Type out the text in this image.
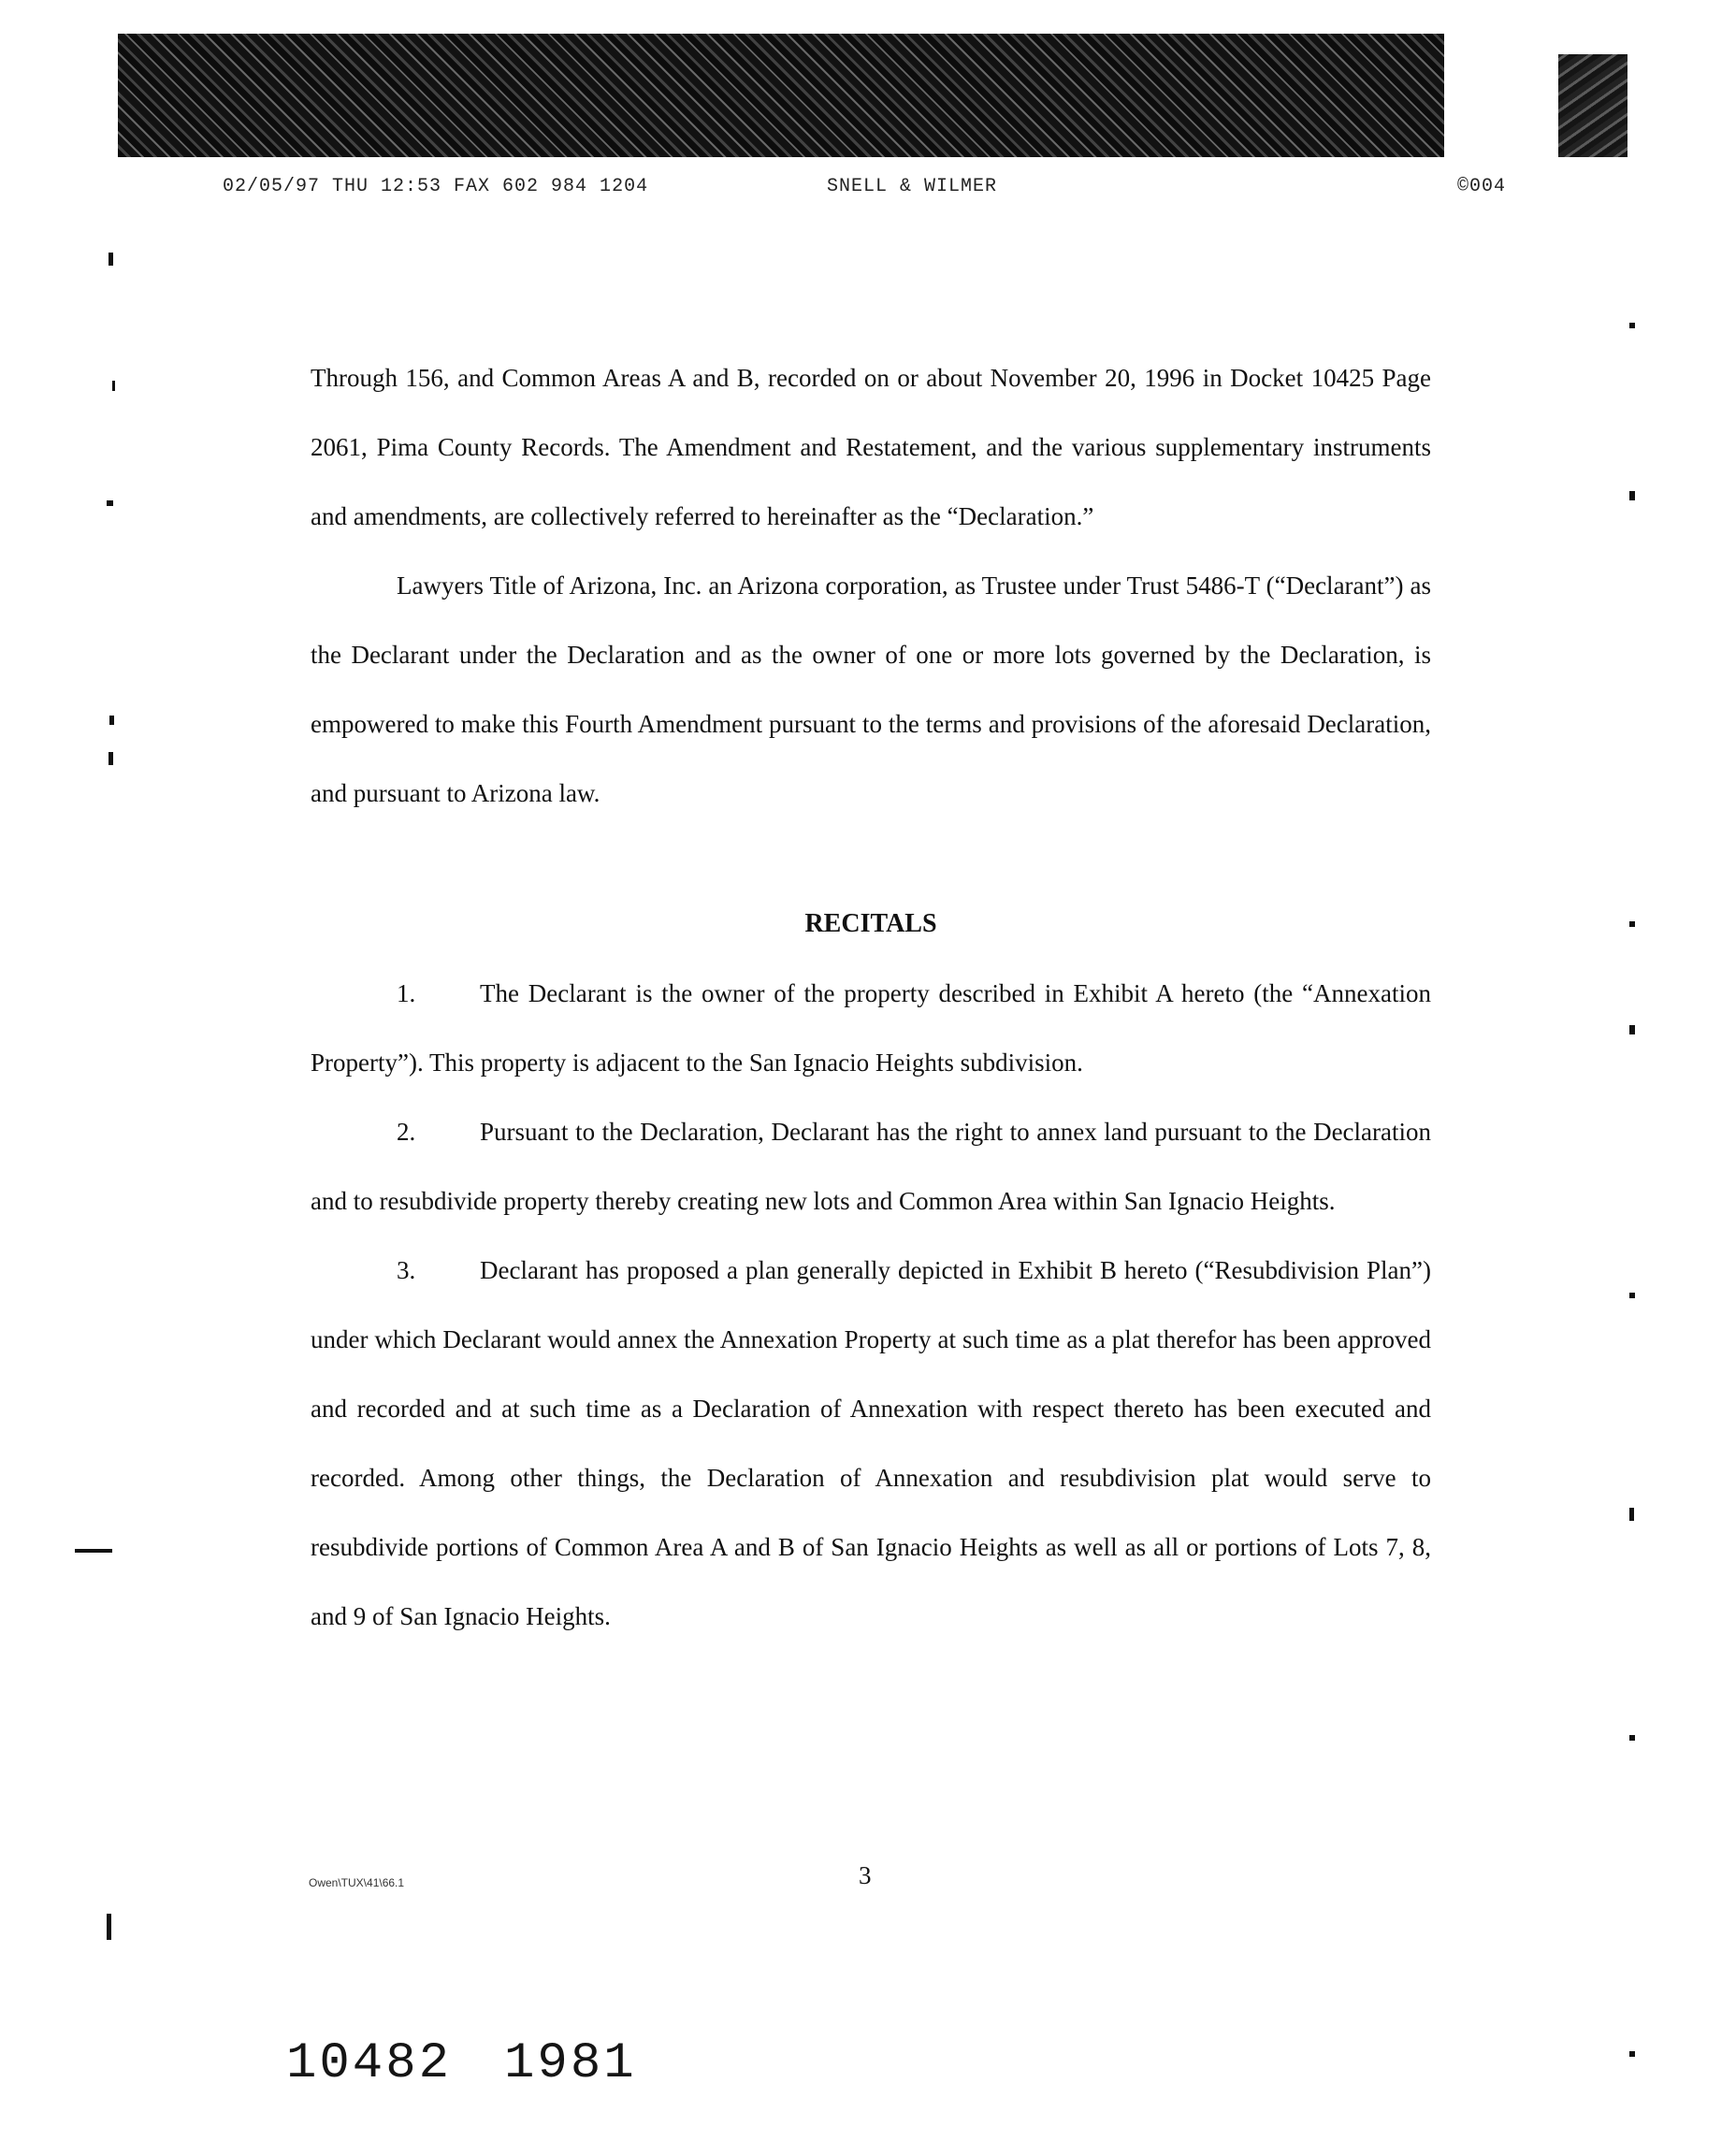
02/05/97 THU 12:53 FAX 602 984 1204	SNELL & WILMER	©004

Through 156, and Common Areas A and B, recorded on or about November 20, 1996 in Docket 10425 Page 2061, Pima County Records. The Amendment and Restatement, and the various supplementary instruments and amendments, are collectively referred to hereinafter as the “Declaration.”

Lawyers Title of Arizona, Inc. an Arizona corporation, as Trustee under Trust 5486-T (“Declarant”) as the Declarant under the Declaration and as the owner of one or more lots governed by the Declaration, is empowered to make this Fourth Amendment pursuant to the terms and provisions of the aforesaid Declaration, and pursuant to Arizona law.

RECITALS

1.	The Declarant is the owner of the property described in Exhibit A hereto (the “Annexation Property”). This property is adjacent to the San Ignacio Heights subdivision.

2.	Pursuant to the Declaration, Declarant has the right to annex land pursuant to the Declaration and to resubdivide property thereby creating new lots and Common Area within San Ignacio Heights.

3.	Declarant has proposed a plan generally depicted in Exhibit B hereto (“Resubdivision Plan”) under which Declarant would annex the Annexation Property at such time as a plat therefor has been approved and recorded and at such time as a Declaration of Annexation with respect thereto has been executed and recorded. Among other things, the Declaration of Annexation and resubdivision plat would serve to resubdivide portions of Common Area A and B of San Ignacio Heights as well as all or portions of Lots 7, 8, and 9 of San Ignacio Heights.

Owen\TUX\41\66.1	3
10482 1981
